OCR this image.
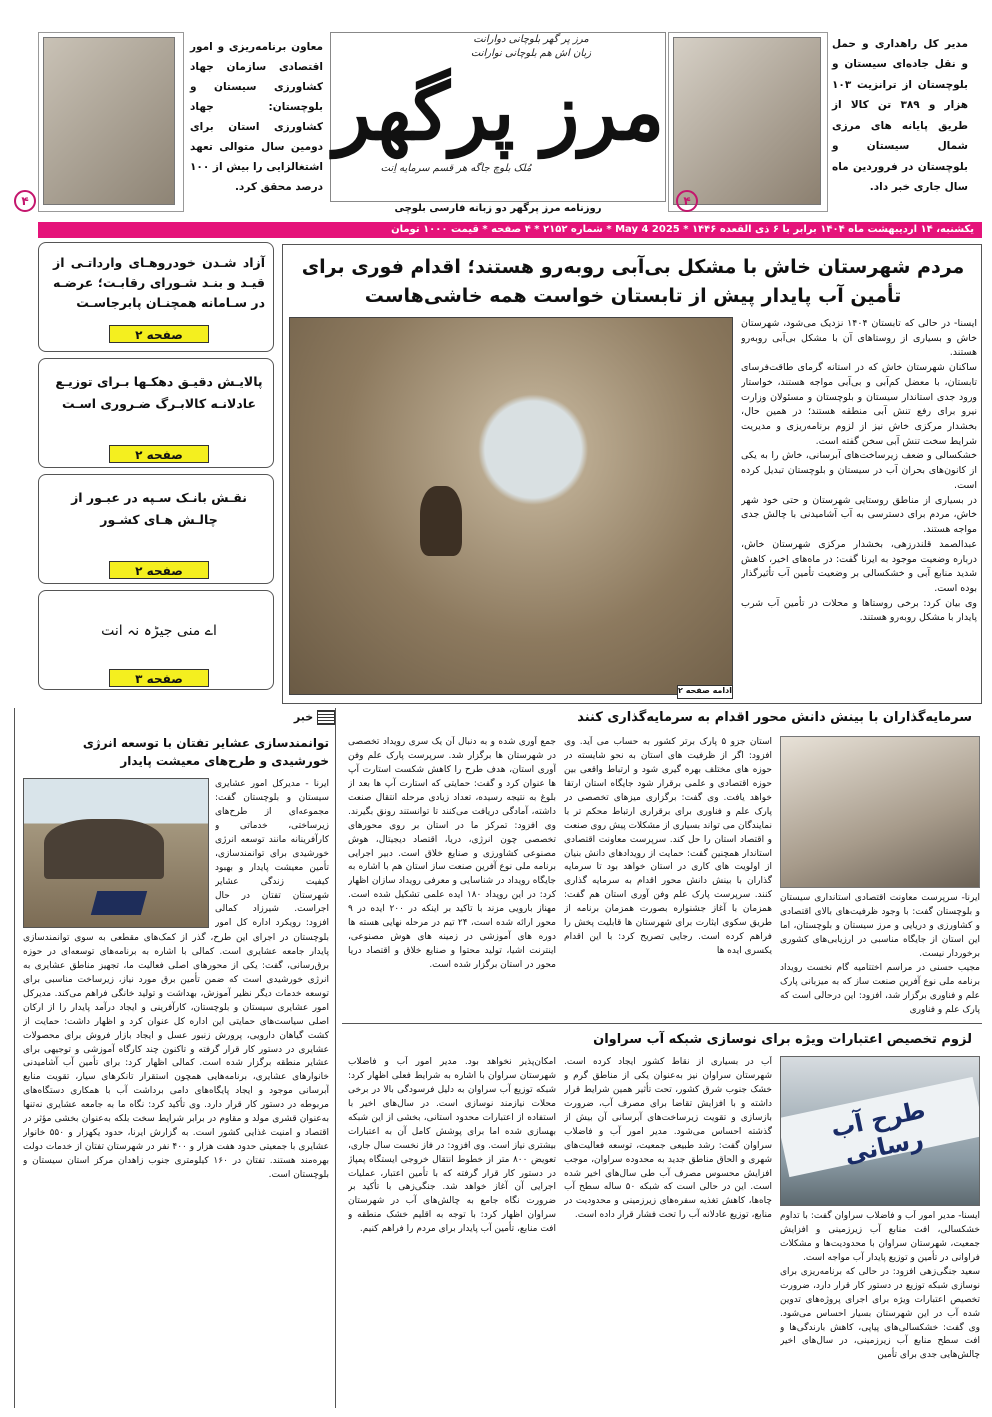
معاون برنامه‌ریزی و امور اقتصادی سازمان جهاد کشاورزی سیستان و بلوچستان: جهاد کشاورزی استان برای دومین سال متوالی تعهد اشتغالزایی را بیش از ۱۰۰ درصد محقق کرد.

۴
مرز پر گهر بلوچانی دوارانت
زبان اش هم بلوچانی نوارانت
مرز پرگهر
مُلک بلوچ جاگه هر قسم سرمایه اِنت
روزنامه مرز پرگهر دو زبانه فارسی بلوچی

مدیر کل راهداری و حمل و نقل جاده‌ای سیستان و بلوچستان از ترانزیت ۱۰۳ هزار و ۳۸۹ تن کالا از طریق پایانه های مرزی شمال سیستان و بلوچستان در فروردین ماه سال جاری خبر داد.

۴
یکشنبه، ۱۴ اردیبهشت ماه ۱۴۰۴ برابر با ۶ ذی القعده ۱۴۴۶ * May 4 2025 * شماره ۲۱۵۲ * ۴ صفحه * قیمت ۱۰۰۰ تومان
آزاد شـدن خودروهـای وارداتـی از قیـد و بنـد شـورای رقابـت؛ عرضـه در سـامانه همچنـان پابرجاسـت
صفحه ۲
پالایـش دقیـق دهکـها بـرای توزیـع عادلانـه کالابـرگ ضـروری اسـت
صفحه ۲
نقـش بانـک سـپه در عبـور از چالـش هـای کشـور
صفحه ۲
اے منی جیڑہ نہ انت
صفحه ۳
مردم شهرستان خاش با مشکل بی‌آبی روبه‌رو هستند؛ اقدام فوری برای تأمین آب پایدار پیش از تابستان خواست همه خاشی‌هاست

ایسنا- در حالی که تابستان ۱۴۰۴ نزدیک می‌شود، شهرستان خاش و بسیاری از روستاهای آن با مشکل بی‌آبی روبه‌رو هستند.

ساکنان شهرستان خاش که در استانه گرمای طاقت‌فرسای تابستان، با معضل کم‌آبی و بی‌آبی مواجه هستند، خواستار ورود جدی استاندار سیستان و بلوچستان و مسئولان وزارت نیرو برای رفع تنش آبی منطقه هستند؛ در همین حال، بخشدار مرکزی خاش نیز از لزوم برنامه‌ریزی و مدیریت شرایط سخت تنش آبی سخن گفته است.

خشکسالی و ضعف زیرساخت‌های آبرسانی، خاش را به یکی از کانون‌های بحران آب در سیستان و بلوچستان تبدیل کرده است.

در بسیاری از مناطق روستایی شهرستان و حتی خود شهر خاش، مردم برای دسترسی به آب آشامیدنی با چالش جدی مواجه هستند.

عبدالصمد قلندرزهی، بخشدار مرکزی شهرستان خاش، درباره وضعیت موجود به ایرنا گفت: در ماه‌های اخیر، کاهش شدید منابع آبی و خشکسالی بر وضعیت تأمین آب تأثیرگذار بوده است.

وی بیان کرد: برخی روستاها و محلات در تأمین آب شرب پایدار با مشکل روبه‌رو هستند.

ادامه صفحه ۲
سرمایه‌گذاران با بینش دانش محور اقدام به سرمایه‌گذاری کنند

ایرنا- سرپرست معاونت اقتصادی استانداری سیستان و بلوچستان گفت: با وجود ظرفیت‌های بالای اقتصادی و کشاورزی و دریایی و مرز سیستان و بلوچستان، اما این استان از جایگاه مناسبی در ارزیابی‌های کشوری برخوردار نیست.

مجیب حسنی در مراسم اختتامیه گام نخست رویداد برنامه ملی نوع آفرین صنعت ساز که به میزبانی پارک علم و فناوری برگزار شد، افزود: این درحالی است که پارک علم و فناوری

استان جزو ۵ پارک برتر کشور به حساب می آید. وی افزود: اگر از ظرفیت های استان به نحو شایسته در حوزه های مختلف بهره گیری شود و ارتباط واقعی بین حوزه اقتصادی و علمی برقرار شود جایگاه استان ارتقا خواهد یافت. وی گفت: برگزاری میزهای تخصصی در پارک علم و فناوری برای برقراری ارتباط محکم تر با نمایندگان می تواند بسیاری از مشکلات پیش روی صنعت و اقتصاد استان را حل کند. سرپرست معاونت اقتصادی استاندار همچنین گفت: حمایت از رویدادهای دانش بنیان از اولویت های کاری در استان خواهد بود تا سرمایه گذاران با بینش دانش محور اقدام به سرمایه گذاری کنند. سرپرست پارک علم وفن آوری استان هم گفت: همزمان با آغاز جشنواره بصورت همزمان برنامه از طریق سکوی ایثارت برای شهرستان ها قابلیت پخش را فراهم کرده است. رجایی تصریح کرد: با این اقدام یکسری ایده ها

جمع آوری شده و به دنبال آن یک سری رویداد تخصصی در شهرستان ها برگزار شد. سرپرست پارک علم وفن آوری استان، هدف طرح را کاهش شکست استارت آپ ها عنوان کرد و گفت: حمایتی که استارت آپ ها بعد از بلوغ به نتیجه رسیده، تعداد زیادی مرحله انتقال صنعت داشته، آمادگی دریافت می‌کنند تا توانستند رونق بگیرند. وی افزود: تمرکز ما در استان بر روی محورهای تخصصی چون انرژی، دریا، اقتصاد دیجیتال، هوش مصنوعی کشاورزی و صنایع خلاق است. دبیر اجرایی برنامه ملی نوع آفرین صنعت ساز استان هم با اشاره به جایگاه رویداد در شناسایی و معرفی رویداد سازان اظهار کرد: در این رویداد ۱۸۰ ایده علمی تشکیل شده است. مهناز بارویی مزند با تاکید بر اینکه در ۲۰۰ ایده در ۹ محور ارائه شده است، ۲۴ تیم در مرحله نهایی هسته ها دوره های آموزشی در زمینه های هوش مصنوعی، اینترنت اشیا، تولید محتوا و صنایع خلاق و اقتصاد دریا محور در استان برگزار شده است.

لزوم تخصیص اعتبارات ویژه برای نوسازی شبکه آب سراوان
طرح آب رسانی

ایسنا- مدیر امور آب و فاضلاب سراوان گفت: با تداوم خشکسالی، افت منابع آب زیرزمینی و افزایش جمعیت، شهرستان سراوان با محدودیت‌ها و مشکلات فراوانی در تأمین و توزیع پایدار آب مواجه است.

سعید جنگی‌زهی افزود: در حالی که برنامه‌ریزی برای نوسازی شبکه توزیع در دستور کار قرار دارد، ضرورت تخصیص اعتبارات ویژه برای اجرای پروژه‌های تدوین شده آب در این شهرستان بسیار احساس می‌شود. وی گفت: خشکسالی‌های پیاپی، کاهش بارندگی‌ها و افت سطح منابع آب زیرزمینی، در سال‌های اخیر چالش‌هایی جدی برای تأمین

آب در بسیاری از نقاط کشور ایجاد کرده است. شهرستان سراوان نیز به‌عنوان یکی از مناطق گرم و خشک جنوب شرق کشور، تحت تأثیر همین شرایط قرار داشته و با افزایش تقاضا برای مصرف آب، ضرورت بازسازی و تقویت زیرساخت‌های آبرسانی آن بیش از گذشته احساس می‌شود. مدیر امور آب و فاضلاب سراوان گفت: رشد طبیعی جمعیت، توسعه فعالیت‌های شهری و الحاق مناطق جدید به محدوده سراوان، موجب افزایش محسوس مصرف آب طی سال‌های اخیر شده است. این در حالی است که شبکه ۵۰ ساله سطح آب چاه‌ها، کاهش تغذیه سفره‌های زیرزمینی و محدودیت در منابع، توزیع عادلانه آب را تحت فشار قرار داده است.

امکان‌پذیر نخواهد بود. مدیر امور آب و فاضلاب شهرستان سراوان با اشاره به شرایط فعلی اظهار کرد: شبکه توزیع آب سراوان به دلیل فرسودگی بالا در برخی محلات نیازمند نوسازی است. در سال‌های اخیر با استفاده از اعتبارات محدود استانی، بخشی از این شبکه بهسازی شده اما برای پوشش کامل آن به اعتبارات بیشتری نیاز است. وی افزود: در فاز نخست سال جاری، تعویض ۸۰۰ متر از خطوط انتقال خروجی ایستگاه پمپاژ در دستور کار قرار گرفته که با تأمین اعتبار، عملیات اجرایی آن آغاز خواهد شد. جنگی‌زهی با تأکید بر ضرورت نگاه جامع به چالش‌های آب در شهرستان سراوان اظهار کرد: با توجه به اقلیم خشک منطقه و افت منابع، تأمین آب پایدار برای مردم را فراهم کنیم.

خبر
توانمندسازی عشایر تفتان با توسعه انرژی خورشیدی و طرح‌های معیشت پایدار

ایرنا - مدیرکل امور عشایری سیستان و بلوچستان گفت: مجموعه‌ای از طرح‌های زیرساختی، خدماتی و کارآفرینانه مانند توسعه انرژی خورشیدی برای توانمندسازی، تأمین معیشت پایدار و بهبود کیفیت زندگی عشایر شهرستان تفتان در حال اجراست. شیرزاد کمالی افزود: رویکرد اداره کل امور

بلوچستان در اجرای این طرح، گذر از کمک‌های مقطعی به سوی توانمندسازی پایدار جامعه عشایری است. کمالی با اشاره به برنامه‌های توسعه‌ای در حوزه برق‌رسانی، گفت: یکی از محورهای اصلی فعالیت ما، تجهیز مناطق عشایری به انرژی خورشیدی است که ضمن تأمین برق مورد نیاز، زیرساخت مناسبی برای توسعه خدمات دیگر نظیر آموزش، بهداشت و تولید خانگی فراهم می‌کند. مدیرکل امور عشایری سیستان و بلوچستان، کارآفرینی و ایجاد درآمد پایدار را از ارکان اصلی سیاست‌های حمایتی این اداره کل عنوان کرد و اظهار داشت: حمایت از کشت گیاهان دارویی، پرورش زنبور عسل و ایجاد بازار فروش برای محصولات عشایری در دستور کار قرار گرفته و تاکنون چند کارگاه آموزشی و توجیهی برای عشایر منطقه برگزار شده است. کمالی اظهار کرد: برای تأمین آب آشامیدنی خانوارهای عشایری، برنامه‌هایی همچون استقرار تانکرهای سیار، تقویت منابع آبرسانی موجود و ایجاد پایگاه‌های دامی برداشت آب با همکاری دستگاه‌های مربوطه در دستور کار قرار دارد. وی تأکید کرد: نگاه ما به جامعه عشایری نه‌تنها به‌عنوان قشری مولد و مقاوم در برابر شرایط سخت بلکه به‌عنوان بخشی مؤثر در اقتصاد و امنیت غذایی کشور است. به گزارش ایرنا، حدود یکهزار و ۵۵۰ خانوار عشایری با جمعیتی حدود هفت هزار و ۴۰۰ نفر در شهرستان تفتان از خدمات دولت بهره‌مند هستند. تفتان در ۱۶۰ کیلومتری جنوب زاهدان مرکز استان سیستان و بلوچستان است.
